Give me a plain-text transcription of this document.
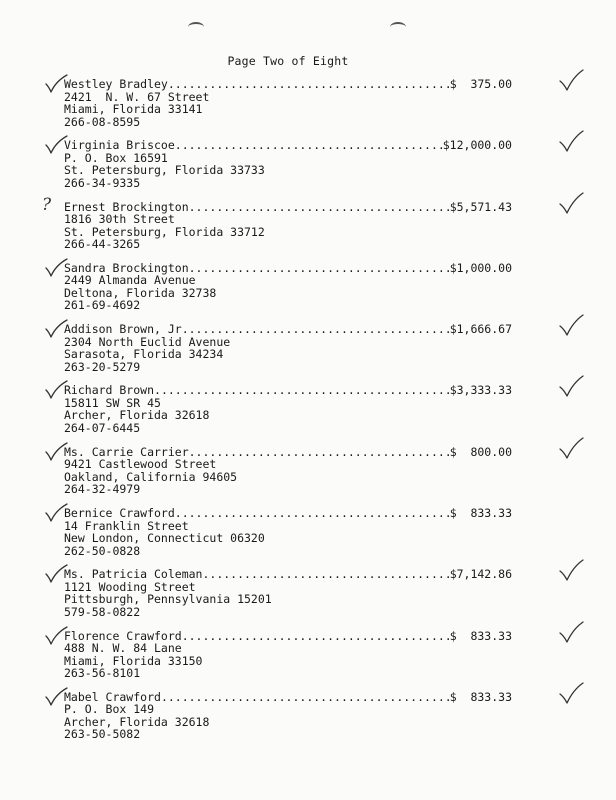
Page Two of Eight
Westley Bradley .....	$  375.00
2421  N. W. 67 Street
Miami, Florida 33141
266-08-8595
Virginia Briscoe .....	$12,000.00
P. O. Box 16591
St. Petersburg, Florida 33733
266-34-9335
? Ernest Brockington .....	$5,571.43
1816 30th Street
St. Petersburg, Florida 33712
266-44-3265
Sandra Brockington .....	$1,000.00
2449 Almanda Avenue
Deltona, Florida 32738
261-69-4692
Addison Brown, Jr. .....	$1,666.67
2304 North Euclid Avenue
Sarasota, Florida 34234
263-20-5279
Richard Brown .....	$3,333.33
15811 SW SR 45
Archer, Florida 32618
264-07-6445
Ms. Carrie Carrier .....	$  800.00
9421 Castlewood Street
Oakland, California 94605
264-32-4979
Bernice Crawford .....	$  833.33
14 Franklin Street
New London, Connecticut 06320
262-50-0828
Ms. Patricia Coleman .....	$7,142.86
1121 Wooding Street
Pittsburgh, Pennsylvania 15201
579-58-0822
Florence Crawford .....	$  833.33
488 N. W. 84 Lane
Miami, Florida 33150
263-56-8101
Mabel Crawford .....	$  833.33
P. O. Box 149
Archer, Florida 32618
263-50-5082
